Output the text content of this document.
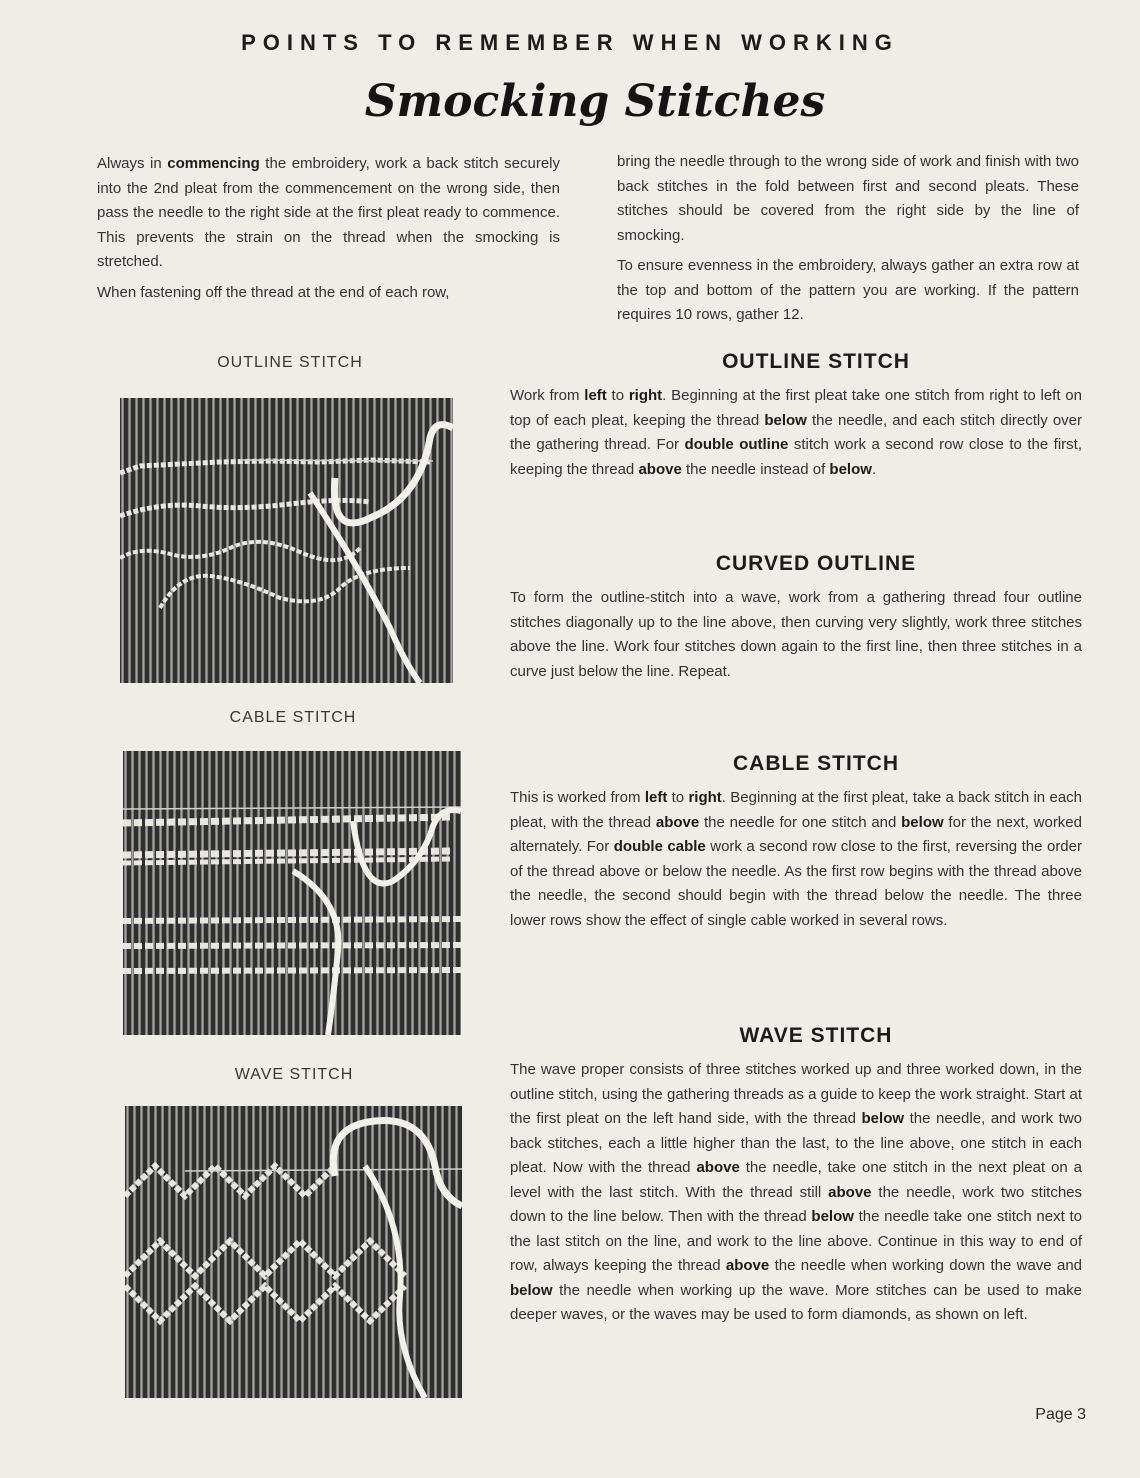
POINTS TO REMEMBER WHEN WORKING
Smocking Stitches

Always in commencing the embroidery, work a back stitch securely into the 2nd pleat from the commencement on the wrong side, then pass the needle to the right side at the first pleat ready to commence. This prevents the strain on the thread when the smocking is stretched.

When fastening off the thread at the end of each row,

bring the needle through to the wrong side of work and finish with two back stitches in the fold between first and second pleats. These stitches should be covered from the right side by the line of smocking.

To ensure evenness in the embroidery, always gather an extra row at the top and bottom of the pattern you are working. If the pattern requires 10 rows, gather 12.

OUTLINE STITCH
CABLE STITCH
WAVE STITCH
OUTLINE STITCH

Work from left to right. Beginning at the first pleat take one stitch from right to left on top of each pleat, keeping the thread below the needle, and each stitch directly over the gathering thread. For double outline stitch work a second row close to the first, keeping the thread above the needle instead of below.

CURVED OUTLINE

To form the outline-stitch into a wave, work from a gathering thread four outline stitches diagonally up to the line above, then curving very slightly, work three stitches above the line. Work four stitches down again to the first line, then three stitches in a curve just below the line. Repeat.

CABLE STITCH

This is worked from left to right. Beginning at the first pleat, take a back stitch in each pleat, with the thread above the needle for one stitch and below for the next, worked alternately. For double cable work a second row close to the first, reversing the order of the thread above or below the needle. As the first row begins with the thread above the needle, the second should begin with the thread below the needle. The three lower rows show the effect of single cable worked in several rows.

WAVE STITCH

The wave proper consists of three stitches worked up and three worked down, in the outline stitch, using the gathering threads as a guide to keep the work straight. Start at the first pleat on the left hand side, with the thread below the needle, and work two back stitches, each a little higher than the last, to the line above, one stitch in each pleat. Now with the thread above the needle, take one stitch in the next pleat on a level with the last stitch. With the thread still above the needle, work two stitches down to the line below. Then with the thread below the needle take one stitch next to the last stitch on the line, and work to the line above. Continue in this way to end of row, always keeping the thread above the needle when working down the wave and below the needle when working up the wave. More stitches can be used to make deeper waves, or the waves may be used to form diamonds, as shown on left.

Page 3
